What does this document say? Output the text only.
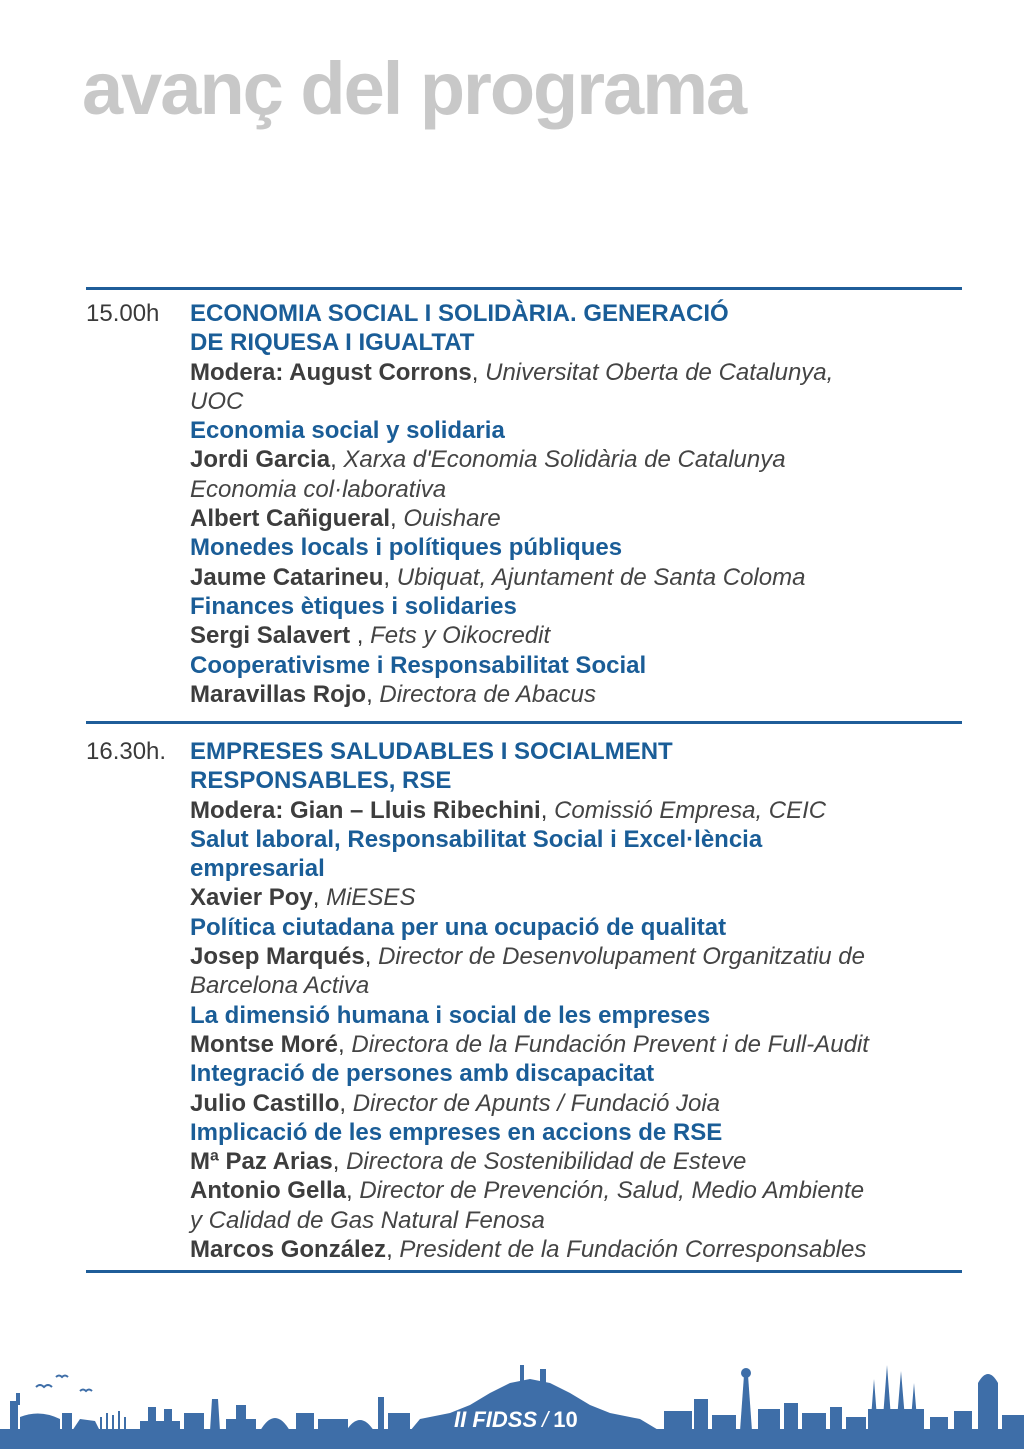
avanç del programa
15.00h	ECONOMIA SOCIAL I SOLIDÀRIA. GENERACIÓ
DE RIQUESA I IGUALTAT
Modera: August Corrons, Universitat Oberta de Catalunya,
UOC
Economia social y solidaria
Jordi Garcia, Xarxa d'Economia Solidària de Catalunya
Economia col·laborativa
Albert Cañigueral, Ouishare
Monedes locals i polítiques públiques
Jaume Catarineu, Ubiquat, Ajuntament de Santa Coloma
Finances ètiques i solidaries
Sergi Salavert , Fets y Oikocredit
Cooperativisme i Responsabilitat Social
Maravillas Rojo, Directora de Abacus
16.30h. EMPRESES SALUDABLES I SOCIALMENT
RESPONSABLES, RSE
Modera: Gian – Lluis Ribechini, Comissió Empresa, CEIC
Salut laboral, Responsabilitat Social i Excel·lència
empresarial
Xavier Poy, MiESES
Política ciutadana per una ocupació de qualitat
Josep Marqués, Director de Desenvolupament Organitzatiu de
Barcelona Activa
La dimensió humana i social de les empreses
Montse Moré, Directora de la Fundación Prevent i de Full-Audit
Integració de persones amb discapacitat
Julio Castillo, Director de Apunts / Fundació Joia
Implicació de les empreses en accions de RSE
Mª Paz Arias, Directora de Sostenibilidad de Esteve
Antonio Gella, Director de Prevención, Salud, Medio Ambiente
y Calidad de Gas Natural Fenosa
Marcos González, President de la Fundación Corresponsables
II FIDSS / 10
